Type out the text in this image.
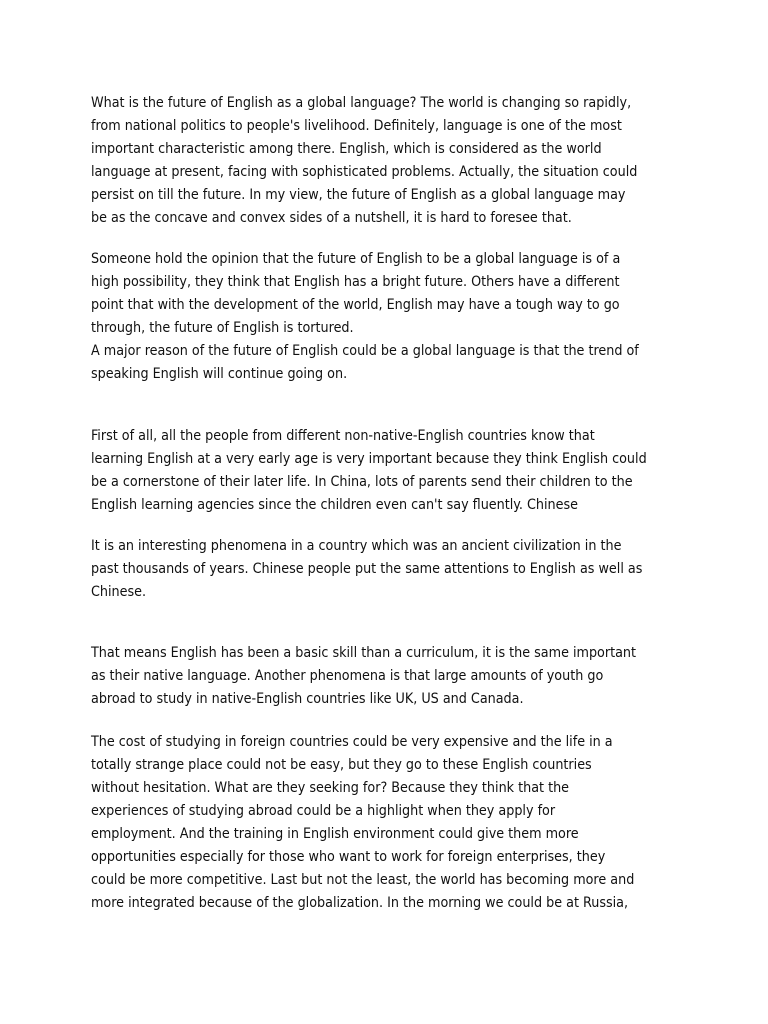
What is the future of English as a global language? The world is changing so rapidly,
from national politics to people's livelihood. Definitely, language is one of the most
important characteristic among there. English, which is considered as the world
language at present, facing with sophisticated problems. Actually, the situation could
persist on till the future. In my view, the future of English as a global language may
be as the concave and convex sides of a nutshell, it is hard to foresee that.

Someone hold the opinion that the future of English to be a global language is of a
high possibility, they think that English has a bright future. Others have a different
point that with the development of the world, English may have a tough way to go
through, the future of English is tortured.
A major reason of the future of English could be a global language is that the trend of
speaking English will continue going on.

First of all, all the people from different non-native-English countries know that
learning English at a very early age is very important because they think English could
be a cornerstone of their later life. In China, lots of parents send their children to the
English learning agencies since the children even can't say fluently. Chinese

It is an interesting phenomena in a country which was an ancient civilization in the
past thousands of years. Chinese people put the same attentions to English as well as
Chinese.

That means English has been a basic skill than a curriculum, it is the same important
as their native language. Another phenomena is that large amounts of youth go
abroad to study in native-English countries like UK, US and Canada.

The cost of studying in foreign countries could be very expensive and the life in a
totally strange place could not be easy, but they go to these English countries
without hesitation. What are they seeking for? Because they think that the
experiences of studying abroad could be a highlight when they apply for
employment. And the training in English environment could give them more
opportunities especially for those who want to work for foreign enterprises, they
could be more competitive. Last but not the least, the world has becoming more and
more integrated because of the globalization. In the morning we could be at Russia,
